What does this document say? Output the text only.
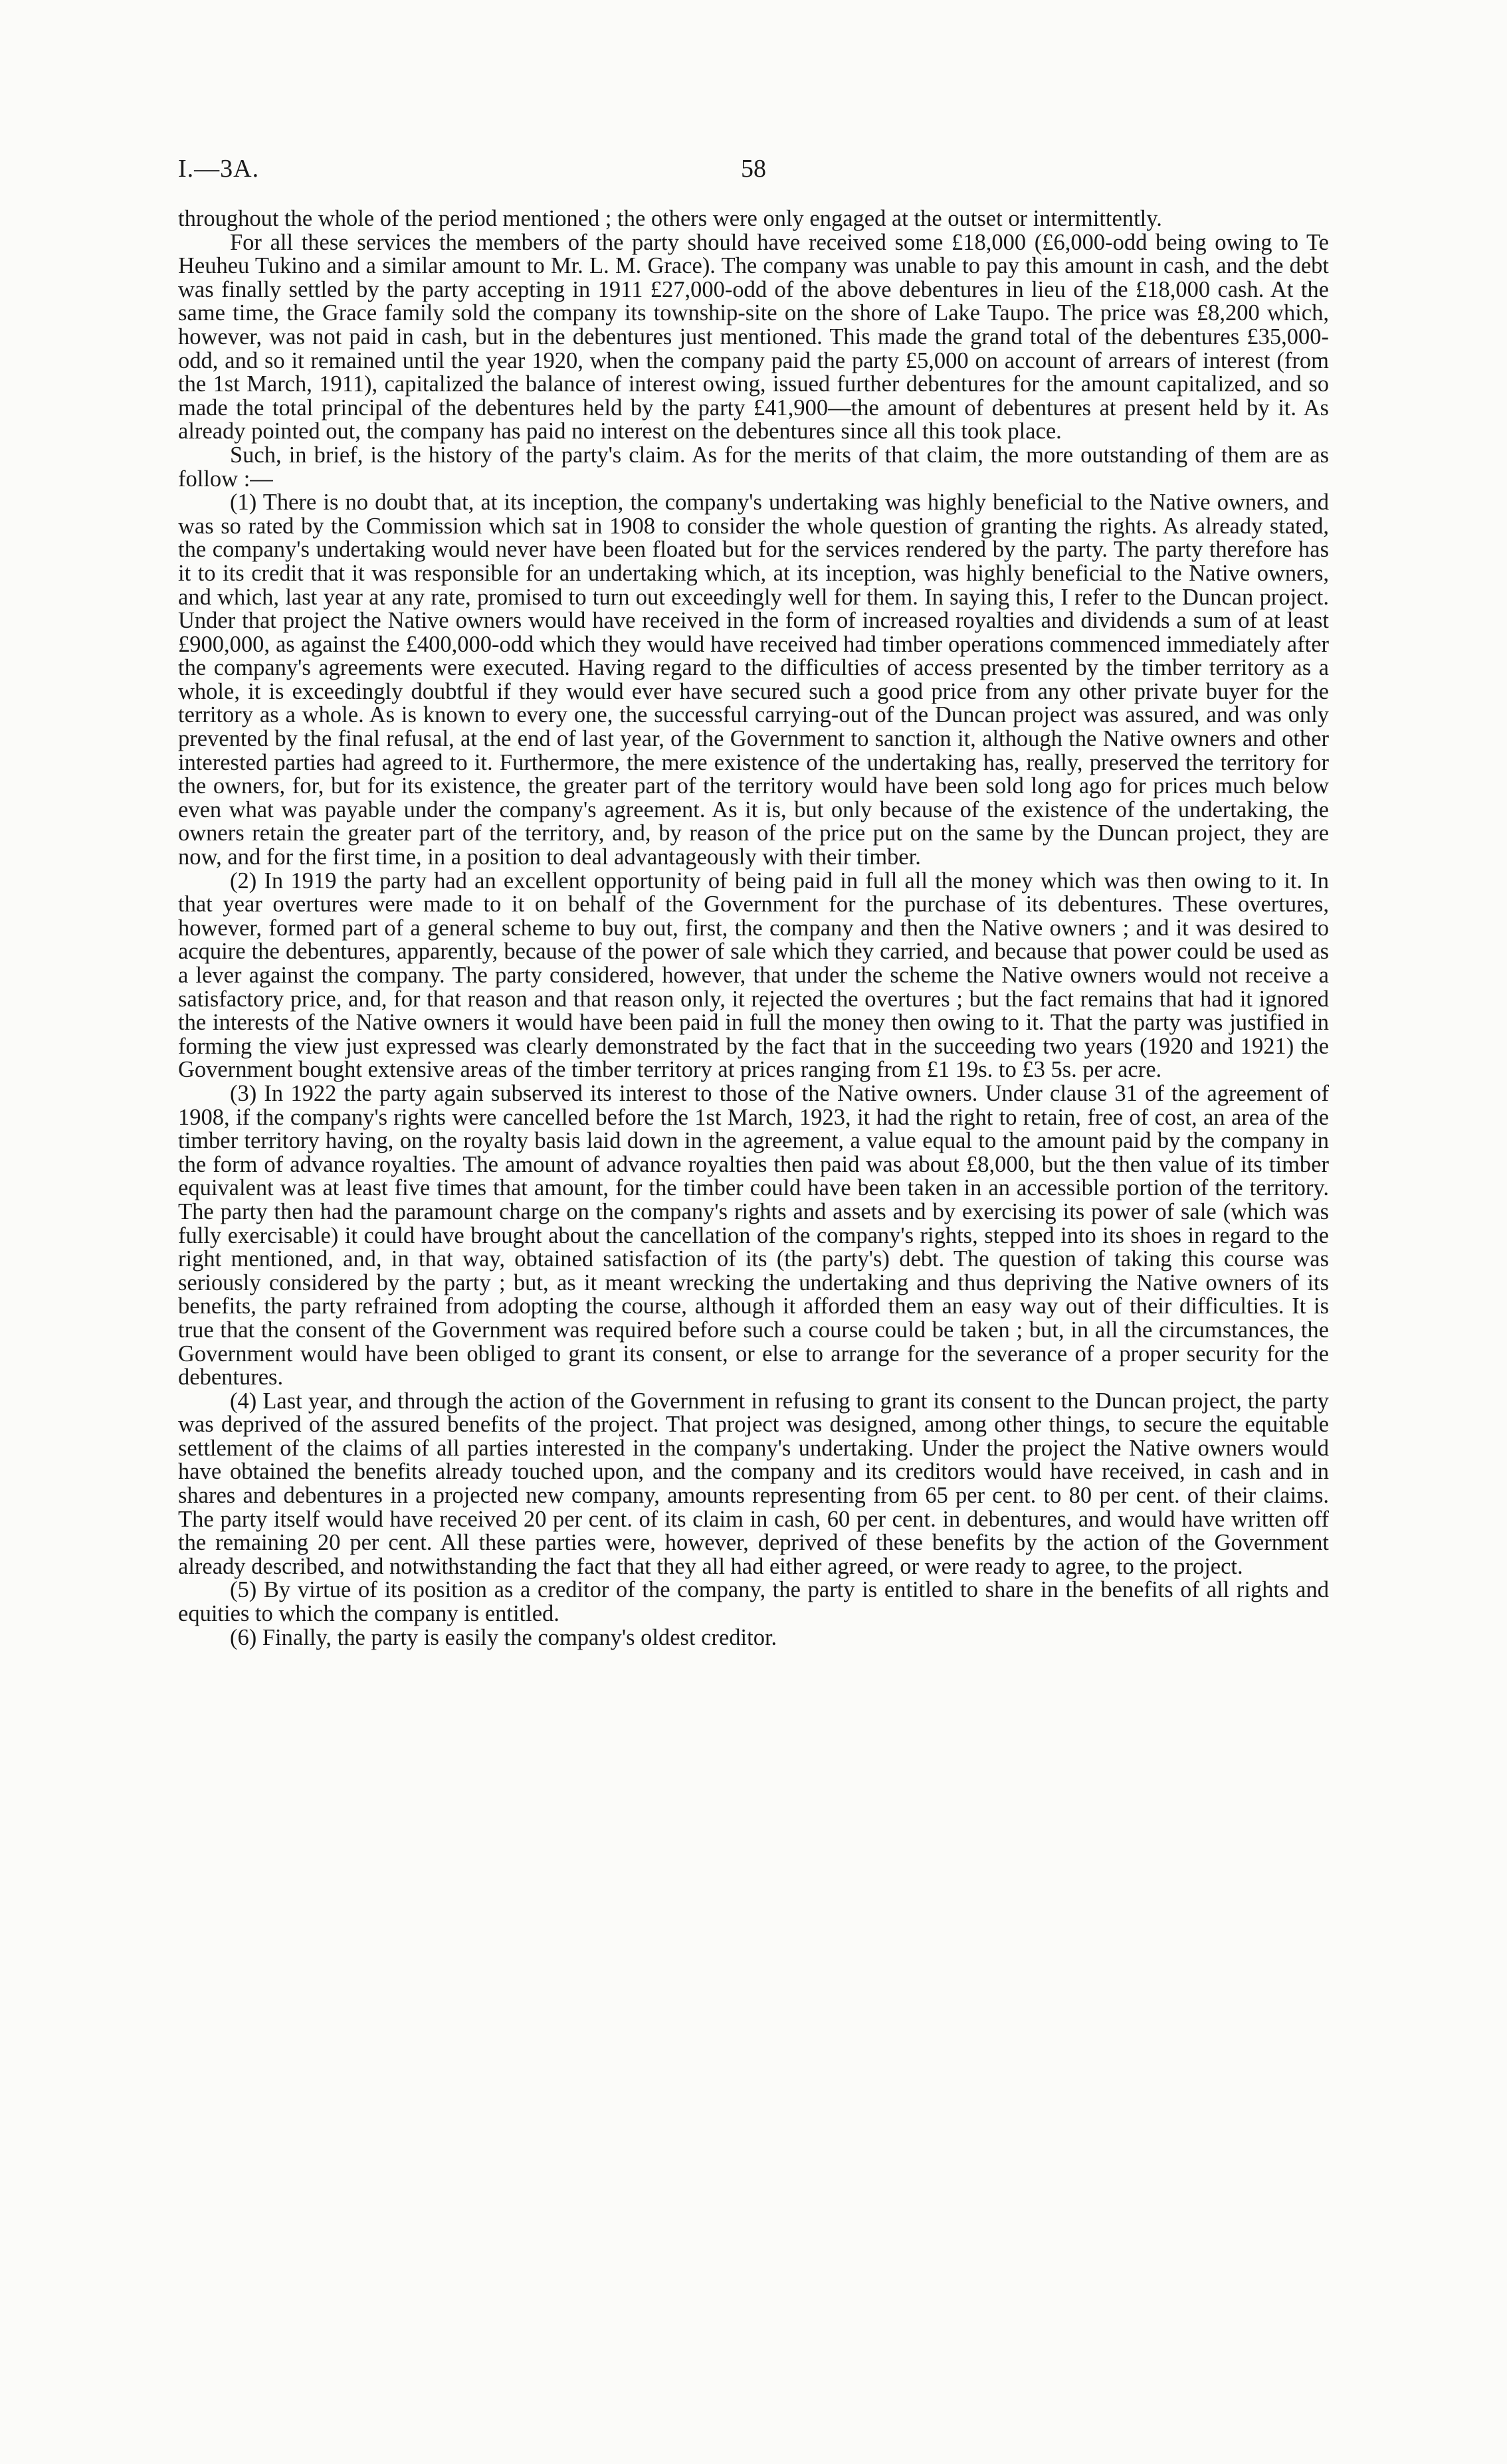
I.—3A.	58

throughout the whole of the period mentioned ; the others were only engaged at the outset or intermittently.

For all these services the members of the party should have received some £18,000 (£6,000-odd being owing to Te Heuheu Tukino and a similar amount to Mr. L. M. Grace). The company was unable to pay this amount in cash, and the debt was finally settled by the party accepting in 1911 £27,000-odd of the above debentures in lieu of the £18,000 cash. At the same time, the Grace family sold the company its township-site on the shore of Lake Taupo. The price was £8,200 which, however, was not paid in cash, but in the debentures just mentioned. This made the grand total of the debentures £35,000-odd, and so it remained until the year 1920, when the company paid the party £5,000 on account of arrears of interest (from the 1st March, 1911), capitalized the balance of interest owing, issued further debentures for the amount capitalized, and so made the total principal of the debentures held by the party £41,900—the amount of debentures at present held by it. As already pointed out, the company has paid no interest on the debentures since all this took place.

Such, in brief, is the history of the party's claim. As for the merits of that claim, the more outstanding of them are as follow :—

(1) There is no doubt that, at its inception, the company's undertaking was highly beneficial to the Native owners, and was so rated by the Commission which sat in 1908 to consider the whole question of granting the rights. As already stated, the company's undertaking would never have been floated but for the services rendered by the party. The party therefore has it to its credit that it was responsible for an undertaking which, at its inception, was highly beneficial to the Native owners, and which, last year at any rate, promised to turn out exceedingly well for them. In saying this, I refer to the Duncan project. Under that project the Native owners would have received in the form of increased royalties and dividends a sum of at least £900,000, as against the £400,000-odd which they would have received had timber operations commenced immediately after the company's agreements were executed. Having regard to the difficulties of access presented by the timber territory as a whole, it is exceedingly doubtful if they would ever have secured such a good price from any other private buyer for the territory as a whole. As is known to every one, the successful carrying-out of the Duncan project was assured, and was only prevented by the final refusal, at the end of last year, of the Government to sanction it, although the Native owners and other interested parties had agreed to it. Furthermore, the mere existence of the undertaking has, really, preserved the territory for the owners, for, but for its existence, the greater part of the territory would have been sold long ago for prices much below even what was payable under the company's agreement. As it is, but only because of the existence of the undertaking, the owners retain the greater part of the territory, and, by reason of the price put on the same by the Duncan project, they are now, and for the first time, in a position to deal advantageously with their timber.

(2) In 1919 the party had an excellent opportunity of being paid in full all the money which was then owing to it. In that year overtures were made to it on behalf of the Government for the purchase of its debentures. These overtures, however, formed part of a general scheme to buy out, first, the company and then the Native owners ; and it was desired to acquire the debentures, apparently, because of the power of sale which they carried, and because that power could be used as a lever against the company. The party considered, however, that under the scheme the Native owners would not receive a satisfactory price, and, for that reason and that reason only, it rejected the overtures ; but the fact remains that had it ignored the interests of the Native owners it would have been paid in full the money then owing to it. That the party was justified in forming the view just expressed was clearly demonstrated by the fact that in the succeeding two years (1920 and 1921) the Government bought extensive areas of the timber territory at prices ranging from £1 19s. to £3 5s. per acre.

(3) In 1922 the party again subserved its interest to those of the Native owners. Under clause 31 of the agreement of 1908, if the company's rights were cancelled before the 1st March, 1923, it had the right to retain, free of cost, an area of the timber territory having, on the royalty basis laid down in the agreement, a value equal to the amount paid by the company in the form of advance royalties. The amount of advance royalties then paid was about £8,000, but the then value of its timber equivalent was at least five times that amount, for the timber could have been taken in an accessible portion of the territory. The party then had the paramount charge on the company's rights and assets and by exercising its power of sale (which was fully exercisable) it could have brought about the cancellation of the company's rights, stepped into its shoes in regard to the right mentioned, and, in that way, obtained satisfaction of its (the party's) debt. The question of taking this course was seriously considered by the party ; but, as it meant wrecking the undertaking and thus depriving the Native owners of its benefits, the party refrained from adopting the course, although it afforded them an easy way out of their difficulties. It is true that the consent of the Government was required before such a course could be taken ; but, in all the circumstances, the Government would have been obliged to grant its consent, or else to arrange for the severance of a proper security for the debentures.

(4) Last year, and through the action of the Government in refusing to grant its consent to the Duncan project, the party was deprived of the assured benefits of the project. That project was designed, among other things, to secure the equitable settlement of the claims of all parties interested in the company's undertaking. Under the project the Native owners would have obtained the benefits already touched upon, and the company and its creditors would have received, in cash and in shares and debentures in a projected new company, amounts representing from 65 per cent. to 80 per cent. of their claims. The party itself would have received 20 per cent. of its claim in cash, 60 per cent. in debentures, and would have written off the remaining 20 per cent. All these parties were, however, deprived of these benefits by the action of the Government already described, and notwithstanding the fact that they all had either agreed, or were ready to agree, to the project.

(5) By virtue of its position as a creditor of the company, the party is entitled to share in the benefits of all rights and equities to which the company is entitled.

(6) Finally, the party is easily the company's oldest creditor.
